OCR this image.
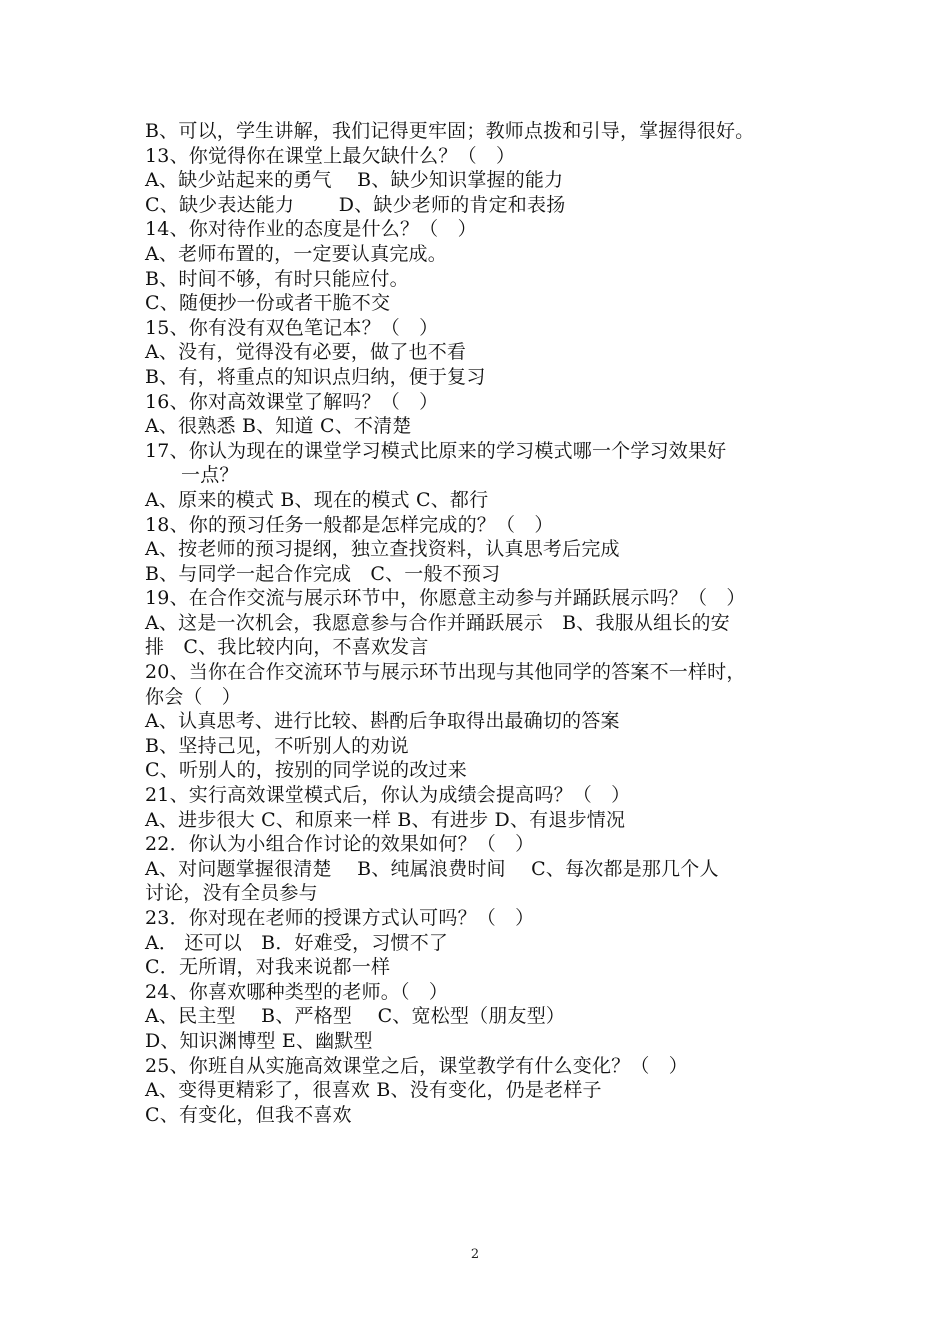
B、可以，学生讲解，我们记得更牢固；教师点拨和引导，掌握得很好。
13、你觉得你在课堂上最欠缺什么？（　）
A、缺少站起来的勇气　 B、缺少知识掌握的能力
C、缺少表达能力　　 D、缺少老师的肯定和表扬
14、你对待作业的态度是什么？（　）
A、老师布置的，一定要认真完成。
B、时间不够，有时只能应付。
C、随便抄一份或者干脆不交
15、你有没有双色笔记本？（　）
A、没有，觉得没有必要，做了也不看
B、有，将重点的知识点归纳，便于复习
16、你对高效课堂了解吗？（　）
A、很熟悉 B、知道 C、不清楚
17、你认为现在的课堂学习模式比原来的学习模式哪一个学习效果好
一点？
A、原来的模式 B、现在的模式 C、都行
18、你的预习任务一般都是怎样完成的？（　）
A、按老师的预习提纲，独立查找资料，认真思考后完成
B、与同学一起合作完成　C、一般不预习
19、在合作交流与展示环节中，你愿意主动参与并踊跃展示吗？（　）
A、这是一次机会，我愿意参与合作并踊跃展示　B、我服从组长的安
排　C、我比较内向，不喜欢发言
20、当你在合作交流环节与展示环节出现与其他同学的答案不一样时，
你会（　）
A、认真思考、进行比较、斟酌后争取得出最确切的答案
B、坚持己见，不听别人的劝说
C、听别人的，按别的同学说的改过来
21、实行高效课堂模式后，你认为成绩会提高吗？（　）
A、进步很大 C、和原来一样 B、有进步 D、有退步情况
22．你认为小组合作讨论的效果如何？（　）
A、对问题掌握很清楚　 B、纯属浪费时间　 C、每次都是那几个人
讨论，没有全员参与
23．你对现在老师的授课方式认可吗？（　）
A． 还可以　B．好难受，习惯不了
C．无所谓，对我来说都一样
24、你喜欢哪种类型的老师。（　）
A、民主型　 B、严格型　 C、宽松型（朋友型）
D、知识渊博型 E、幽默型
25、你班自从实施高效课堂之后，课堂教学有什么变化？（　）
A、变得更精彩了，很喜欢 B、没有变化，仍是老样子
C、有变化，但我不喜欢
2
